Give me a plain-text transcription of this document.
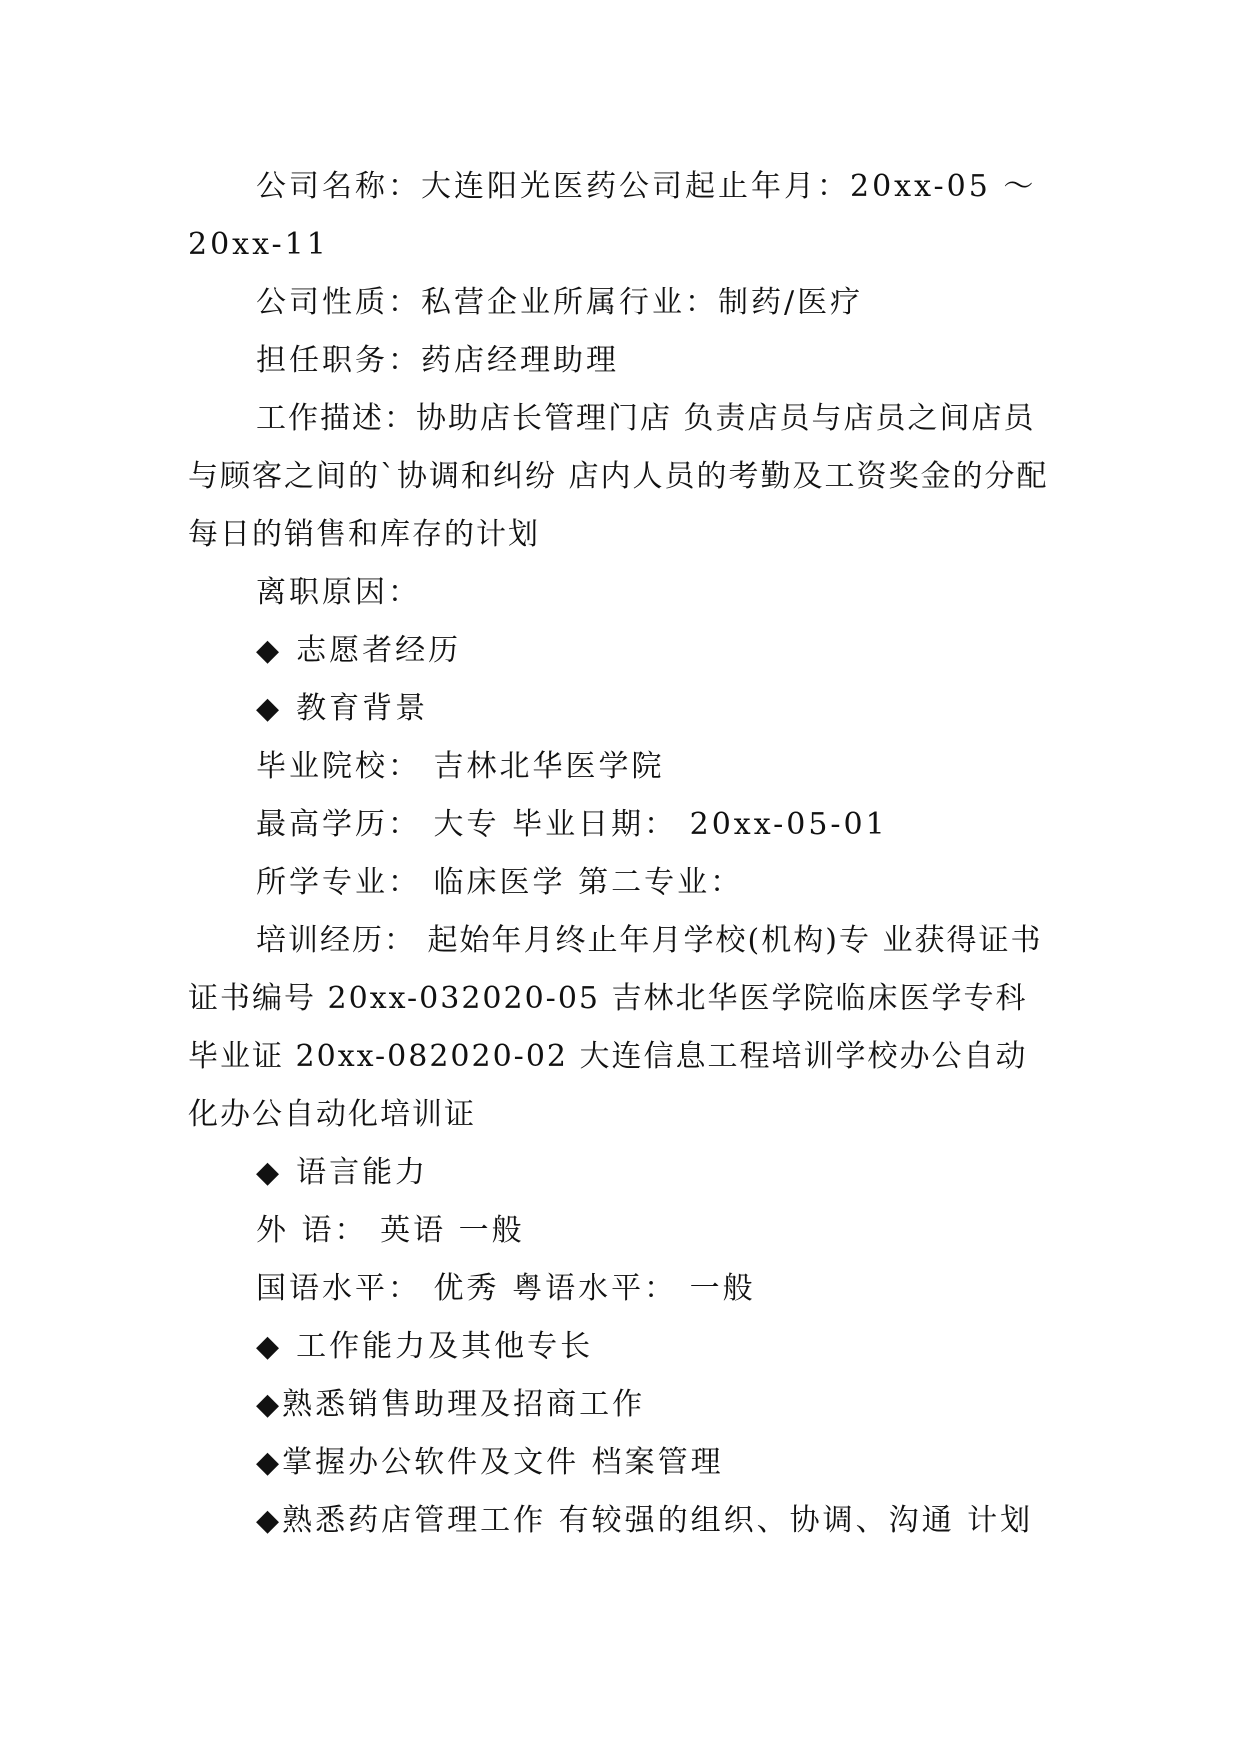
公司名称：大连阳光医药公司起止年月：20xx-05 ～ 20xx-11

公司性质：私营企业所属行业：制药/医疗

担任职务：药店经理助理

工作描述：协助店长管理门店 负责店员与店员之间店员与顾客之间的`协调和纠纷 店内人员的考勤及工资奖金的分配 每日的销售和库存的计划

离职原因：

◆ 志愿者经历

◆ 教育背景

毕业院校： 吉林北华医学院

最高学历： 大专 毕业日期： 20xx-05-01

所学专业： 临床医学 第二专业：

培训经历： 起始年月终止年月学校(机构)专 业获得证书证书编号 20xx-032020-05 吉林北华医学院临床医学专科毕业证 20xx-082020-02 大连信息工程培训学校办公自动化办公自动化培训证

◆ 语言能力

外 语： 英语 一般

国语水平： 优秀 粤语水平： 一般

◆ 工作能力及其他专长

◆熟悉销售助理及招商工作

◆掌握办公软件及文件 档案管理

◆熟悉药店管理工作 有较强的组织、协调、沟通 计划
